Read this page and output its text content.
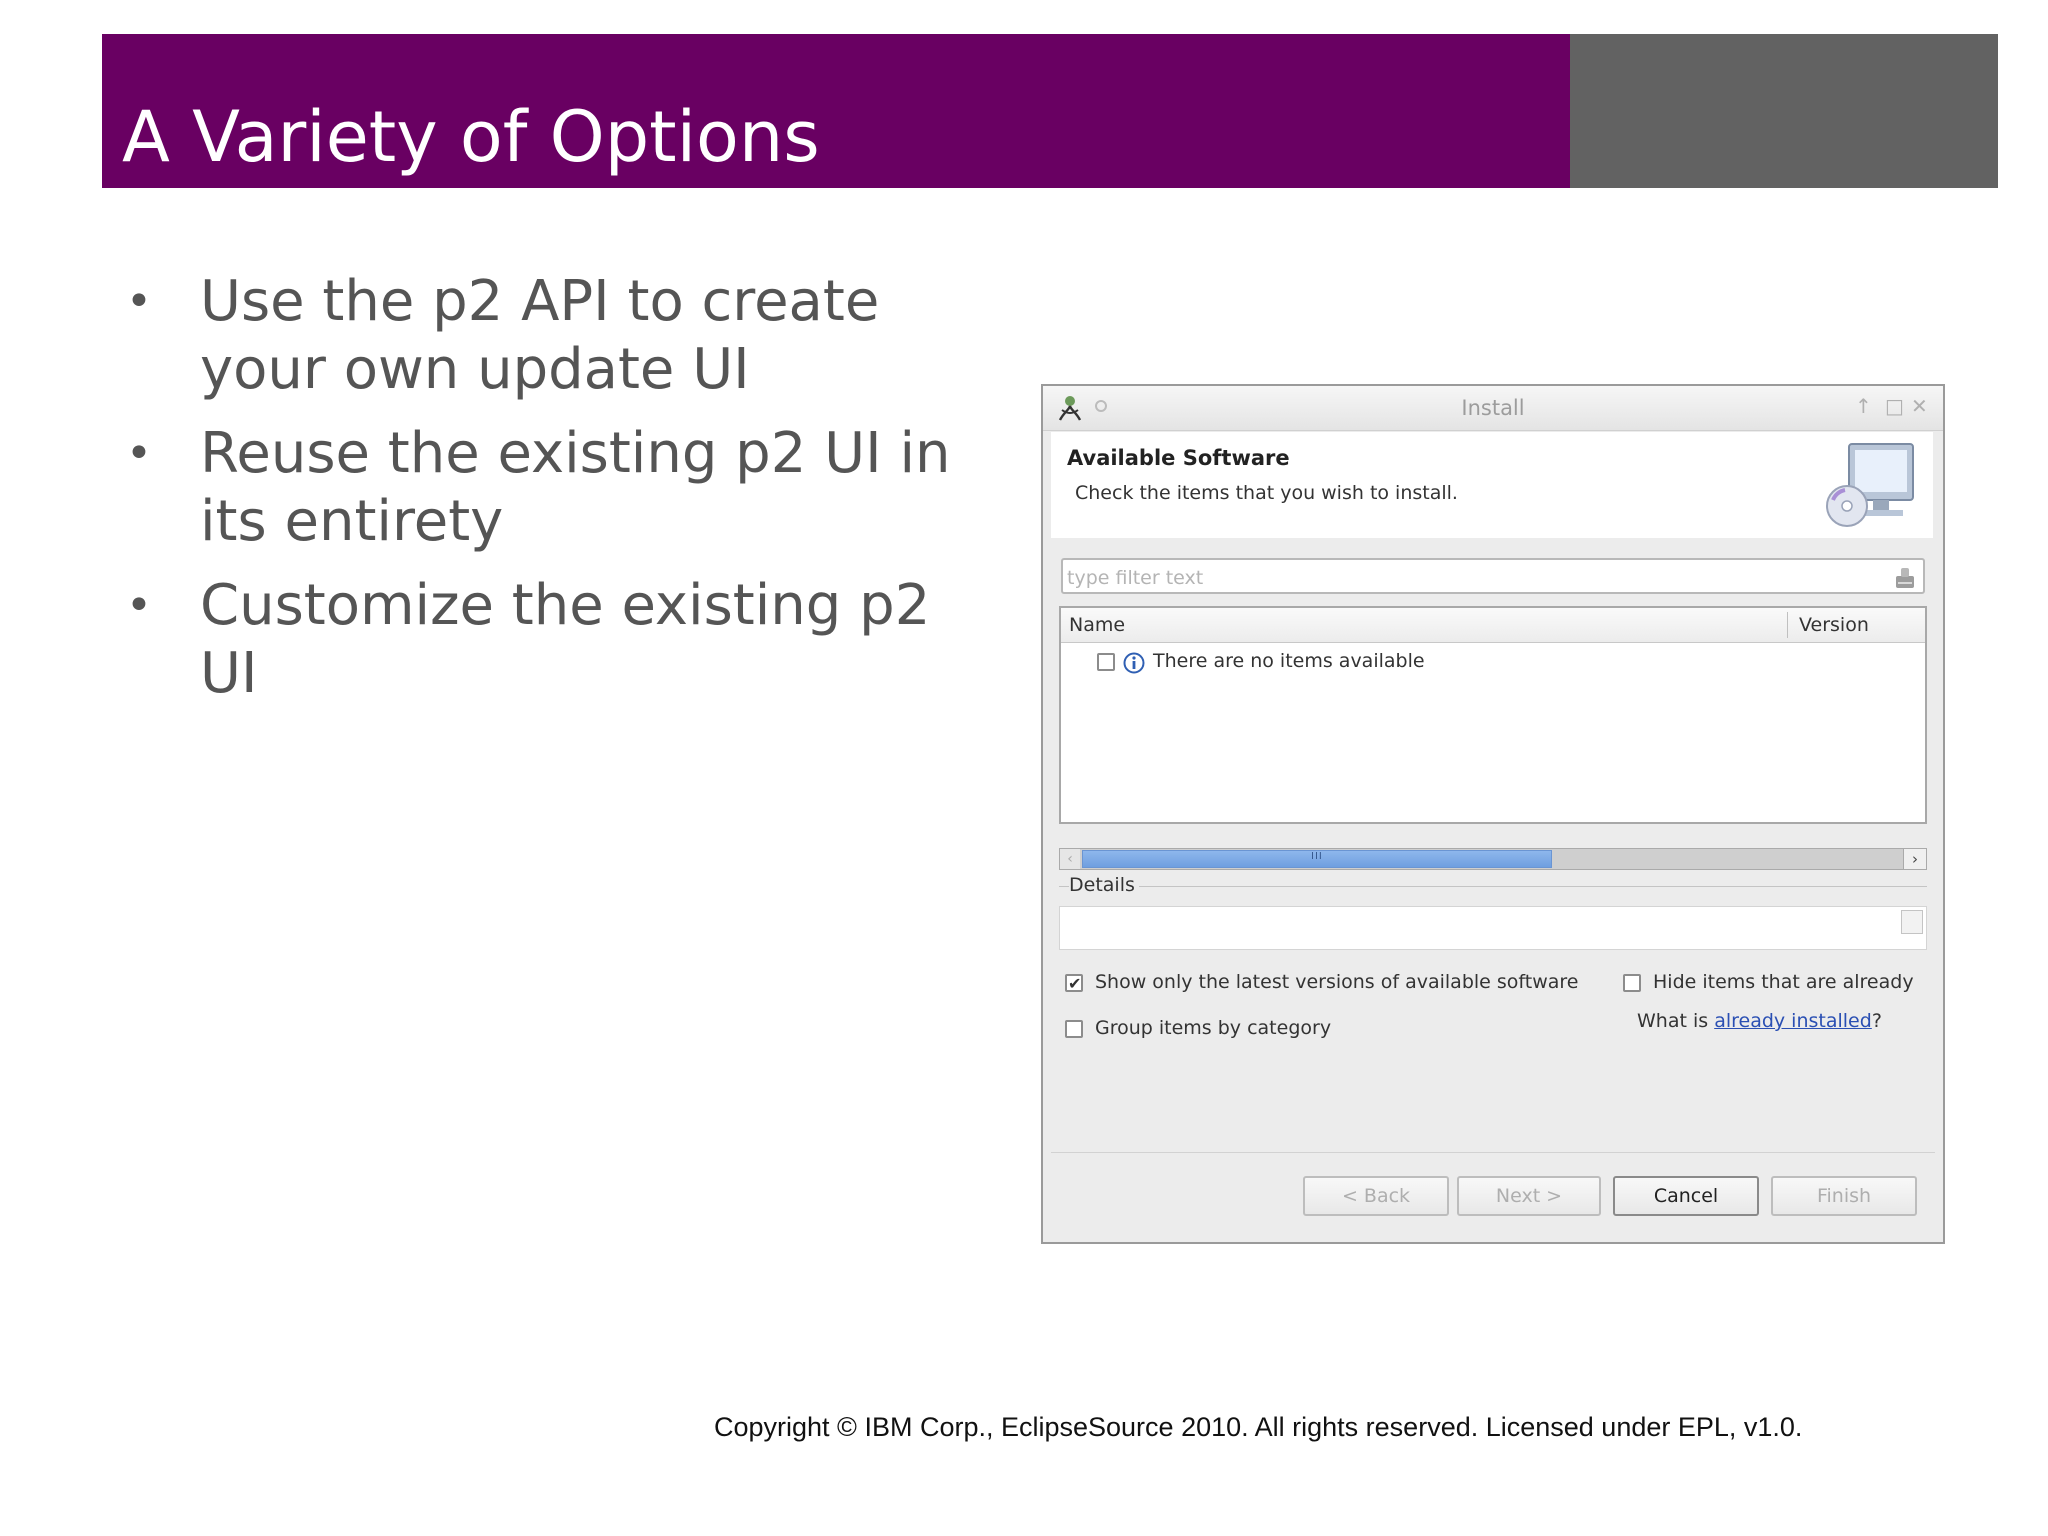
A Variety of Options
• Use the p2 API to create your own update UI
• Reuse the existing p2 UI in its entirety
• Customize the existing p2 UI
Install	↑ □ ✕
Available Software
Check the items that you wish to install.
type filter text
Name	Version
There are no items available
‹	III	›
Details
✔ Show only the latest versions of available software	Hide items that are already
Group items by category	What is already installed?
< Back	Next >	Cancel	Finish
Copyright © IBM Corp., EclipseSource 2010. All rights reserved. Licensed under EPL, v1.0.
